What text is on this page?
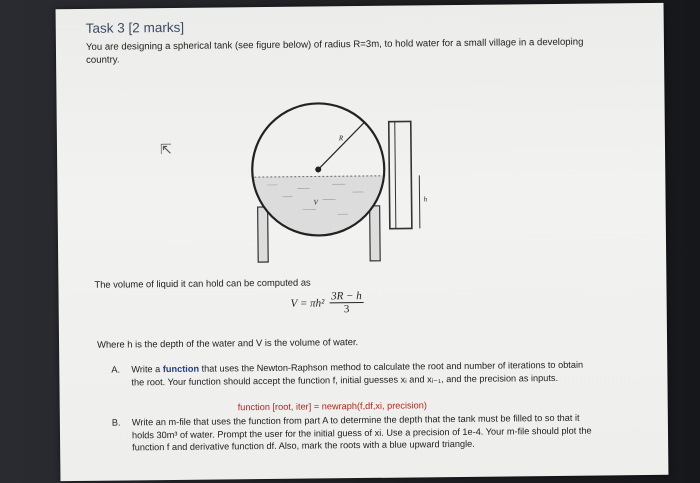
Task 3 [2 marks]
You are designing a spherical tank (see figure below) of radius R=3m, to hold water for a small village in a developing country.
⇱
R
V	h
The volume of liquid it can hold can be computed as
$V = \pi h^2 \frac{3R - h}{3}$
Where h is the depth of the water and V is the volume of water.
A. Write a function that uses the Newton-Raphson method to calculate the root and number of iterations to obtain the root. Your function should accept the function f, initial guesses xᵢ and xᵢ₋₁, and the precision as inputs.
function [root, iter] = newraph(f,df,xi, precision)
B. Write an m-file that uses the function from part A to determine the depth that the tank must be filled to so that it holds 30m³ of water. Prompt the user for the initial guess of xi. Use a precision of 1e-4. Your m-file should plot the function f and derivative function df. Also, mark the roots with a blue upward triangle.
